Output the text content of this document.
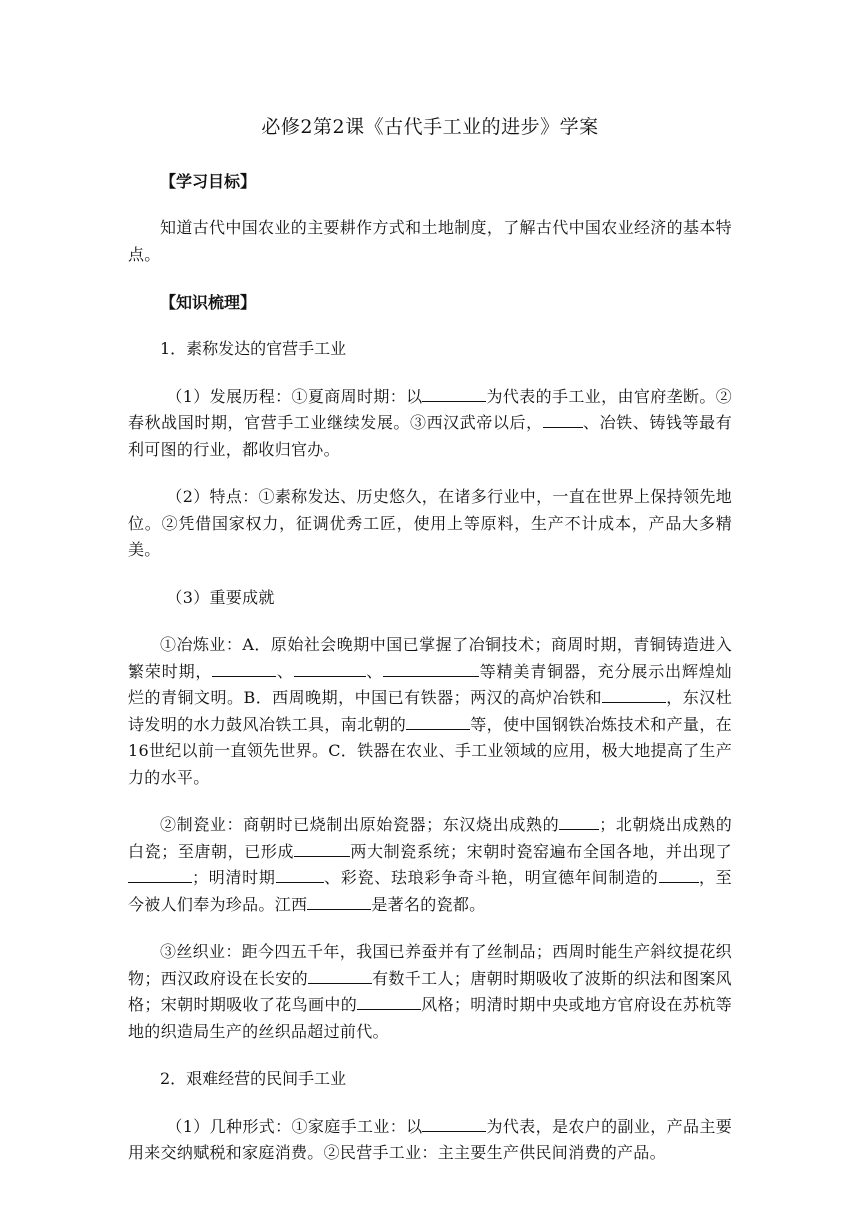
必修2第2课《古代手工业的进步》学案
【学习目标】
知道古代中国农业的主要耕作方式和土地制度，了解古代中国农业经济的基本特点。
【知识梳理】
1．素称发达的官营手工业
（1）发展历程：①夏商周时期：以	为代表的手工业，由官府垄断。②春秋战国时期，官营手工业继续发展。③西汉武帝以后，	、冶铁、铸钱等最有利可图的行业，都收归官办。
（2）特点：①素称发达、历史悠久，在诸多行业中，一直在世界上保持领先地位。②凭借国家权力，征调优秀工匠，使用上等原料，生产不计成本，产品大多精美。
（3）重要成就
①冶炼业：A．原始社会晚期中国已掌握了冶铜技术；商周时期，青铜铸造进入繁荣时期，	、	、	等精美青铜器，充分展示出辉煌灿烂的青铜文明。B．西周晚期，中国已有铁器；两汉的高炉冶铁和	，东汉杜诗发明的水力鼓风冶铁工具，南北朝的	等，使中国钢铁冶炼技术和产量，在16世纪以前一直领先世界。C．铁器在农业、手工业领域的应用，极大地提高了生产力的水平。
②制瓷业：商朝时已烧制出原始瓷器；东汉烧出成熟的	；北朝烧出成熟的白瓷；至唐朝，已形成	两大制瓷系统；宋朝时瓷窑遍布全国各地，并出现了；明清时期	、彩瓷、珐琅彩争奇斗艳，明宣德年间制造的	，至今被人们奉为珍品。江西	是著名的瓷都。
③丝织业：距今四五千年，我国已养蚕并有了丝制品；西周时能生产斜纹提花织物；西汉政府设在长安的	有数千工人；唐朝时期吸收了波斯的织法和图案风格；宋朝时期吸收了花鸟画中的	风格；明清时期中央或地方官府设在苏杭等地的织造局生产的丝织品超过前代。
2．艰难经营的民间手工业
（1）几种形式：①家庭手工业：以	为代表，是农户的副业，产品主要用来交纳赋税和家庭消费。②民营手工业：主主要生产供民间消费的产品。
